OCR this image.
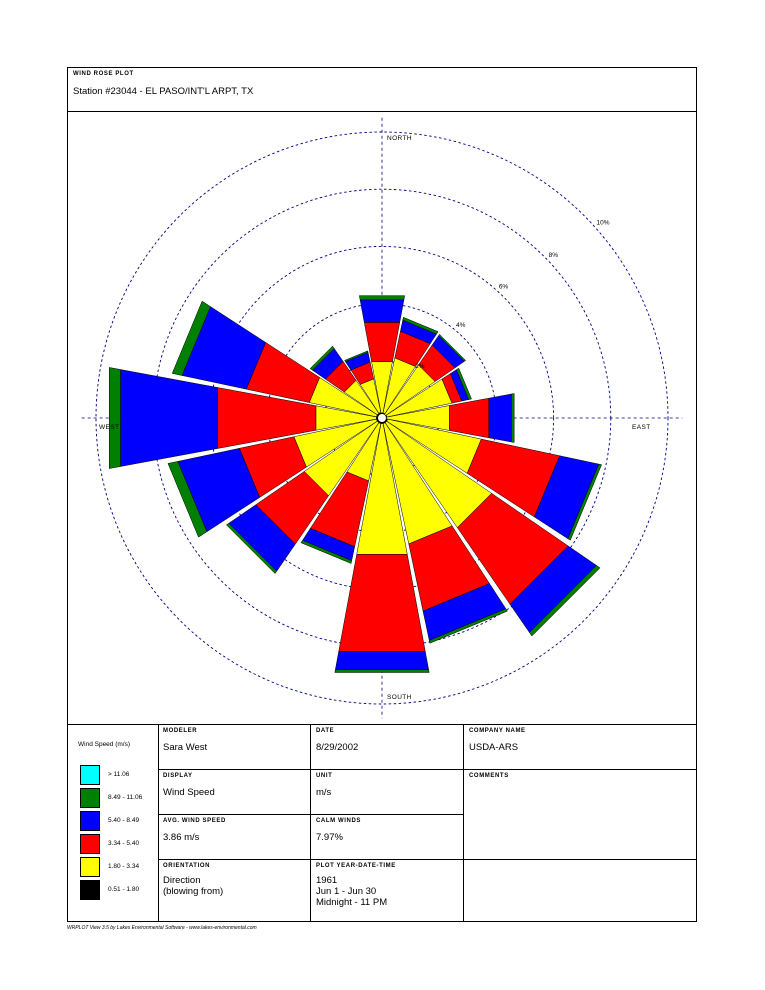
WIND ROSE PLOT
Station #23044 - EL PASO/INT'L ARPT, TX
2%
4%
6%
8%
10%
NORTH
SOUTH
EAST
WEST
Wind Speed (m/s)
> 11.06
8.49 - 11.06
5.40 - 8.49
3.34 - 5.40
1.80 - 3.34
0.51 - 1.80
MODELER
Sara West
DATE
8/29/2002
COMPANY NAME
USDA-ARS
DISPLAY
Wind Speed
UNIT
m/s
COMMENTS
AVG. WIND SPEED
3.86 m/s
CALM WINDS
7.97%
ORIENTATION
Direction
(blowing from)
PLOT YEAR-DATE-TIME
1961
Jun 1 - Jun 30
Midnight - 11 PM
WRPLOT View 3.5 by Lakes Environmental Software - www.lakes-environmental.com
